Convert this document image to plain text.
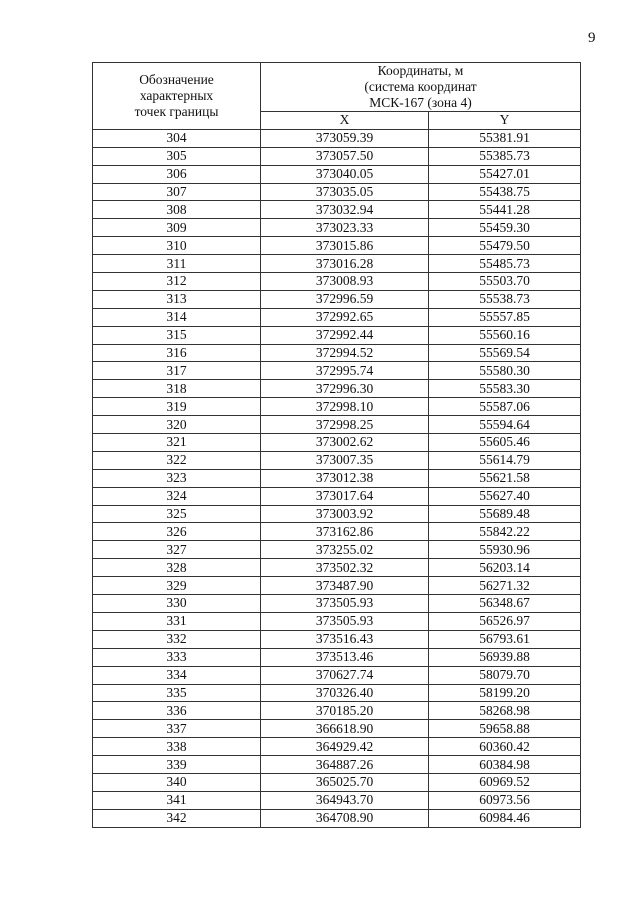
9
Обозначение
характерных
точек границы	Координаты, м
(система координат
МСК-167 (зона 4)	

	X	Y
304	373059.39	55381.91
305	373057.50	55385.73
306	373040.05	55427.01
307	373035.05	55438.75
308	373032.94	55441.28
309	373023.33	55459.30
310	373015.86	55479.50
311	373016.28	55485.73
312	373008.93	55503.70
313	372996.59	55538.73
314	372992.65	55557.85
315	372992.44	55560.16
316	372994.52	55569.54
317	372995.74	55580.30
318	372996.30	55583.30
319	372998.10	55587.06
320	372998.25	55594.64
321	373002.62	55605.46
322	373007.35	55614.79
323	373012.38	55621.58
324	373017.64	55627.40
325	373003.92	55689.48
326	373162.86	55842.22
327	373255.02	55930.96
328	373502.32	56203.14
329	373487.90	56271.32
330	373505.93	56348.67
331	373505.93	56526.97
332	373516.43	56793.61
333	373513.46	56939.88
334	370627.74	58079.70
335	370326.40	58199.20
336	370185.20	58268.98
337	366618.90	59658.88
338	364929.42	60360.42
339	364887.26	60384.98
340	365025.70	60969.52
341	364943.70	60973.56
342	364708.90	60984.46
